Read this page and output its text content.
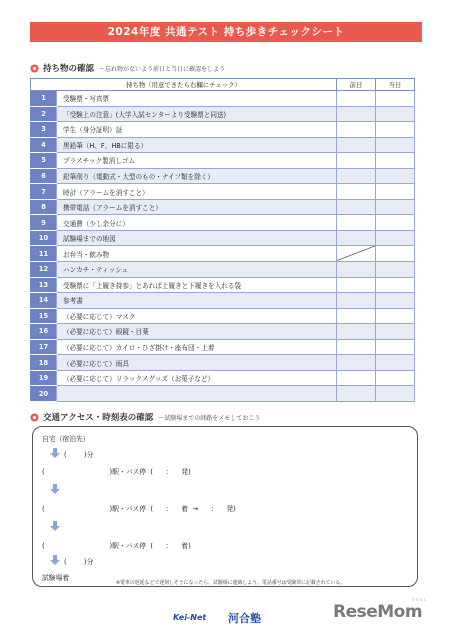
2024年度 共通テスト 持ち歩きチェックシート
持ち物の確認 ～忘れ物がないよう前日と当日に確認をしよう
持ち物（用意できたら右欄にチェック）		前日	当日
1	受験票・写真票		
2	「受験上の注意」(大学入試センターより受験票と同送)		
3	学生（身分証明）証		
4	黒鉛筆（H、F、HBに限る）		
5	プラスチック製消しゴム		
6	鉛筆削り（電動式・大型のもの・ナイフ類を除く）		
7	時計（アラームを消すこと）		
8	携帯電話（アラームを消すこと）		
9	交通費（少し余分に）		
10	試験場までの地図		
11	お弁当・飲み物	

12	ハンカチ・ティッシュ		
13	受験票に「上履き持参」とあれば上履きと下履きを入れる袋		
14	参考書		
15	（必要に応じて）マスク		
16	（必要に応じて）眼鏡・目薬		
17	（必要に応じて）カイロ・ひざ掛け・座布団・上着		
18	（必要に応じて）雨具		
19	（必要に応じて）リラックスグッズ（お菓子など）		
20			
交通アクセス・時刻表の確認 ～試験場までの経路をメモしておこう
自宅（宿泊先）
(        )分
(                              )駅・バス停  (      :      発)
(                              )駅・バス停  (      :      着  →      :      発)
(                              )駅・バス停  (      :      着)
(        )分
試験場着
※電車の遅延などで遅刻しそうになったら、試験場に連絡しよう。電話番号は受験票に記載されている。
Kei-Net 河合塾
リセマム
ReseMom
